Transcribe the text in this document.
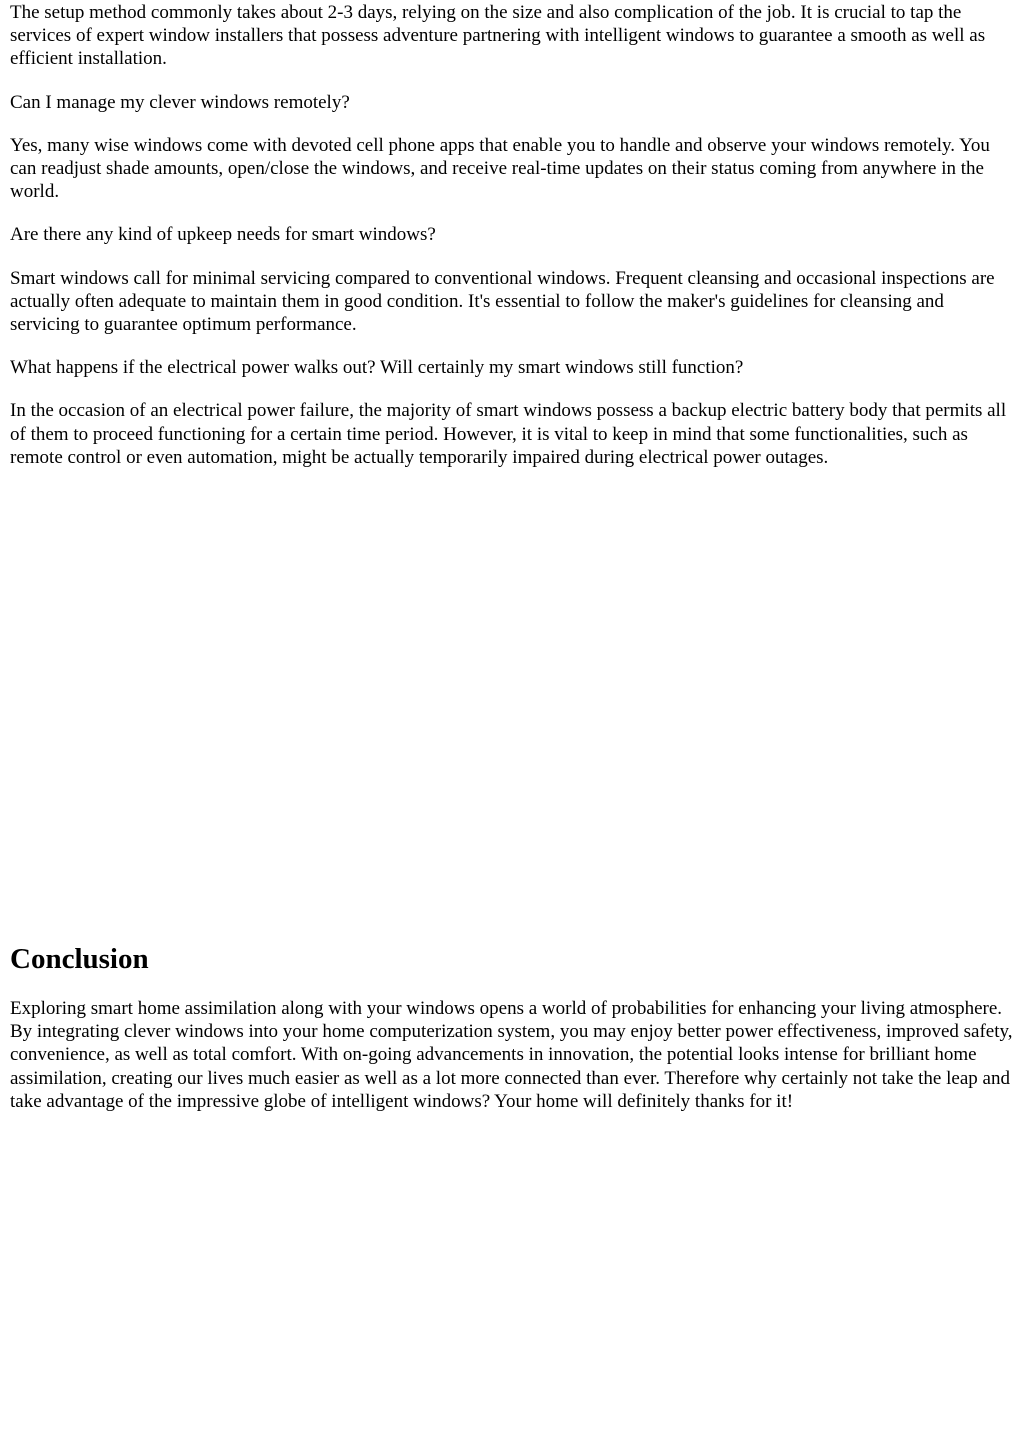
The setup method commonly takes about 2-3 days, relying on the size and also complication of the job. It is crucial to tap the services of expert window installers that possess adventure partnering with intelligent windows to guarantee a smooth as well as efficient installation.

Can I manage my clever windows remotely?

Yes, many wise windows come with devoted cell phone apps that enable you to handle and observe your windows remotely. You can readjust shade amounts, open/close the windows, and receive real-time updates on their status coming from anywhere in the world.

Are there any kind of upkeep needs for smart windows?

Smart windows call for minimal servicing compared to conventional windows. Frequent cleansing and occasional inspections are actually often adequate to maintain them in good condition. It's essential to follow the maker's guidelines for cleansing and servicing to guarantee optimum performance.

What happens if the electrical power walks out? Will certainly my smart windows still function?

In the occasion of an electrical power failure, the majority of smart windows possess a backup electric battery body that permits all of them to proceed functioning for a certain time period. However, it is vital to keep in mind that some functionalities, such as remote control or even automation, might be actually temporarily impaired during electrical power outages.

Conclusion

Exploring smart home assimilation along with your windows opens a world of probabilities for enhancing your living atmosphere. By integrating clever windows into your home computerization system, you may enjoy better power effectiveness, improved safety, convenience, as well as total comfort. With on-going advancements in innovation, the potential looks intense for brilliant home assimilation, creating our lives much easier as well as a lot more connected than ever. Therefore why certainly not take the leap and take advantage of the impressive globe of intelligent windows? Your home will definitely thanks for it!
